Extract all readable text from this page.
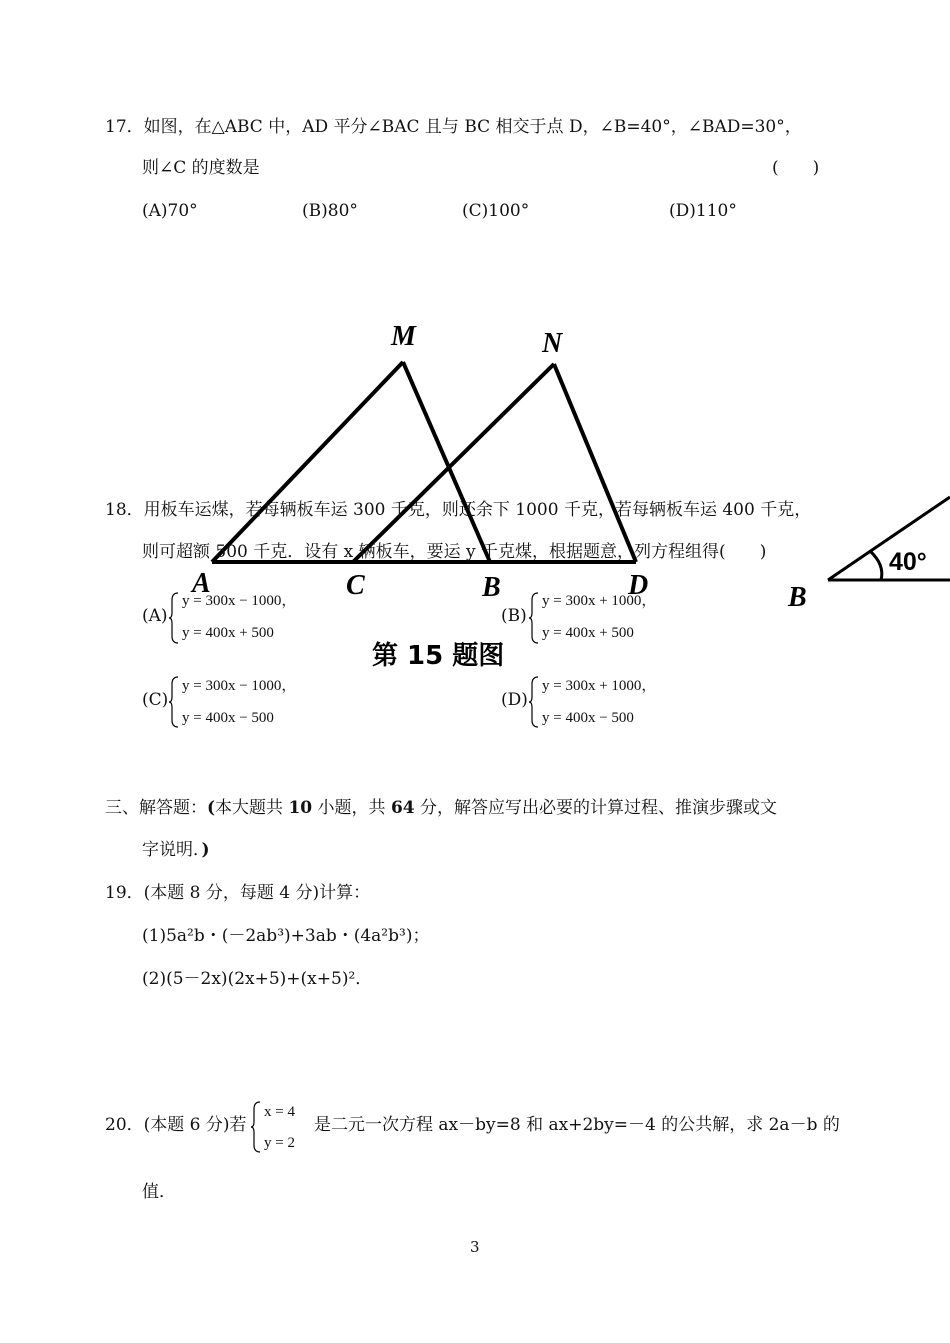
M	N
A	C	B	D	B
40°
第 15 题图
17．如图，在△ABC 中，AD 平分∠BAC 且与 BC 相交于点 D，∠B=40°，∠BAD=30°，
则∠C 的度数是	(　　)
(A)70°	(B)80°	(C)100°	(D)110°
18．用板车运煤，若每辆板车运 300 千克，则还余下 1000 千克，若每辆板车运 400 千克，
则可超额 500 千克．设有 x 辆板车，要运 y 千克煤，根据题意，列方程组得(　　)
(A)
y = 300x − 1000，
y = 400x + 500
(B)
y = 300x + 1000，
y = 400x + 500
(C)
y = 300x − 1000，
y = 400x − 500
(D)
y = 300x + 1000，
y = 400x − 500
三、解答题：(本大题共 10 小题，共 64 分，解答应写出必要的计算过程、推演步骤或文
字说明．)
19．(本题 8 分，每题 4 分)计算：
(1)5a²b・(－2ab³)+3ab・(4a²b³)；
(2)(5－2x)(2x+5)+(x+5)²．
20．(本题 6 分)若
x = 4
y = 2
是二元一次方程 ax－by=8 和 ax+2by=－4 的公共解，求 2a－b 的
值．
3
